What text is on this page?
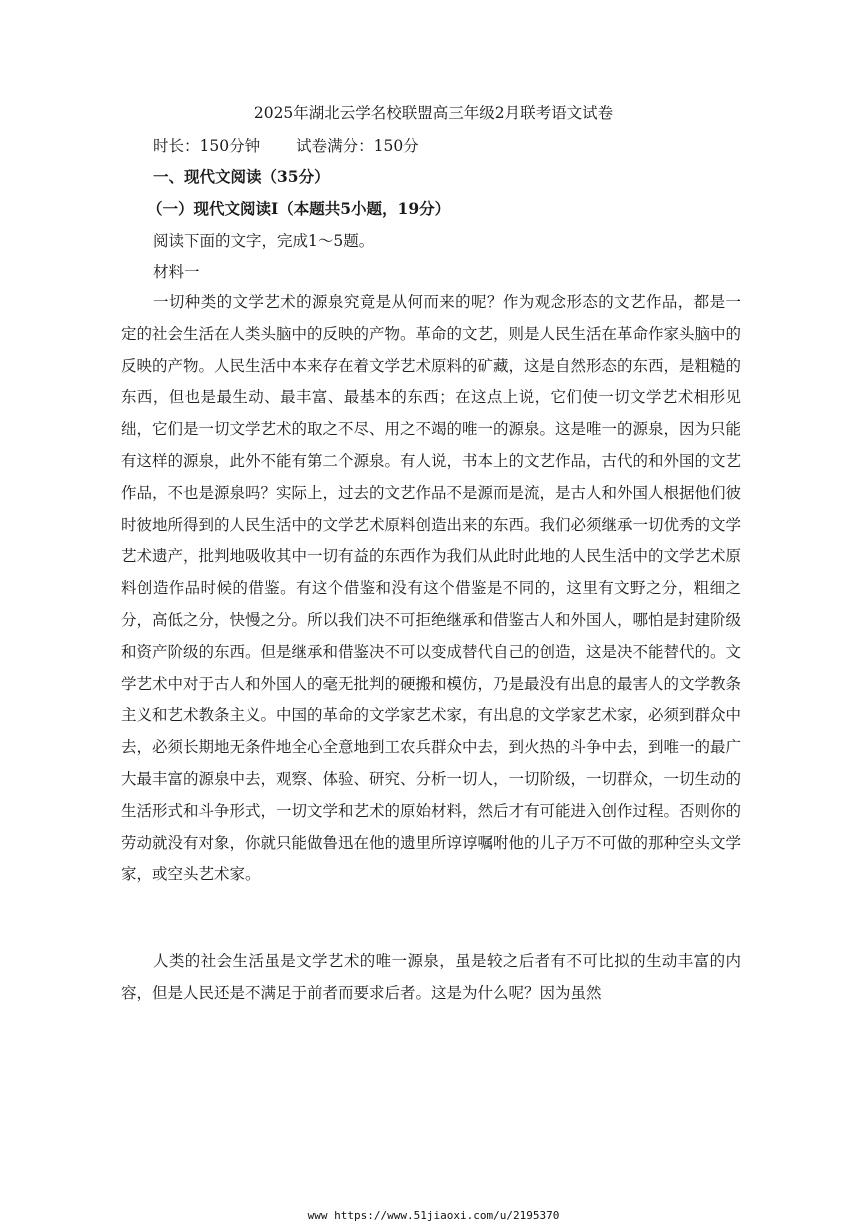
2025年湖北云学名校联盟高三年级2月联考语文试卷
时长：150分钟 试卷满分：150分
一、现代文阅读（35分）
（一）现代文阅读Ⅰ（本题共5小题，19分）
阅读下面的文字，完成1～5题。
材料一

一切种类的文学艺术的源泉究竟是从何而来的呢？作为观念形态的文艺作品，都是一定的社会生活在人类头脑中的反映的产物。革命的文艺，则是人民生活在革命作家头脑中的反映的产物。人民生活中本来存在着文学艺术原料的矿藏，这是自然形态的东西，是粗糙的东西，但也是最生动、最丰富、最基本的东西；在这点上说，它们使一切文学艺术相形见绌，它们是一切文学艺术的取之不尽、用之不竭的唯一的源泉。这是唯一的源泉，因为只能有这样的源泉，此外不能有第二个源泉。有人说，书本上的文艺作品，古代的和外国的文艺作品，不也是源泉吗？实际上，过去的文艺作品不是源而是流，是古人和外国人根据他们彼时彼地所得到的人民生活中的文学艺术原料创造出来的东西。我们必须继承一切优秀的文学艺术遗产，批判地吸收其中一切有益的东西作为我们从此时此地的人民生活中的文学艺术原料创造作品时候的借鉴。有这个借鉴和没有这个借鉴是不同的，这里有文野之分，粗细之分，高低之分，快慢之分。所以我们决不可拒绝继承和借鉴古人和外国人，哪怕是封建阶级和资产阶级的东西。但是继承和借鉴决不可以变成替代自己的创造，这是决不能替代的。文学艺术中对于古人和外国人的毫无批判的硬搬和模仿，乃是最没有出息的最害人的文学教条主义和艺术教条主义。中国的革命的文学家艺术家，有出息的文学家艺术家，必须到群众中去，必须长期地无条件地全心全意地到工农兵群众中去，到火热的斗争中去，到唯一的最广大最丰富的源泉中去，观察、体验、研究、分析一切人，一切阶级，一切群众，一切生动的生活形式和斗争形式，一切文学和艺术的原始材料，然后才有可能进入创作过程。否则你的劳动就没有对象，你就只能做鲁迅在他的遗里所谆谆嘱咐他的儿子万不可做的那种空头文学家，或空头艺术家。

人类的社会生活虽是文学艺术的唯一源泉，虽是较之后者有不可比拟的生动丰富的内容，但是人民还是不满足于前者而要求后者。这是为什么呢？因为虽然

www https://www.51jiaoxi.com/u/2195370
